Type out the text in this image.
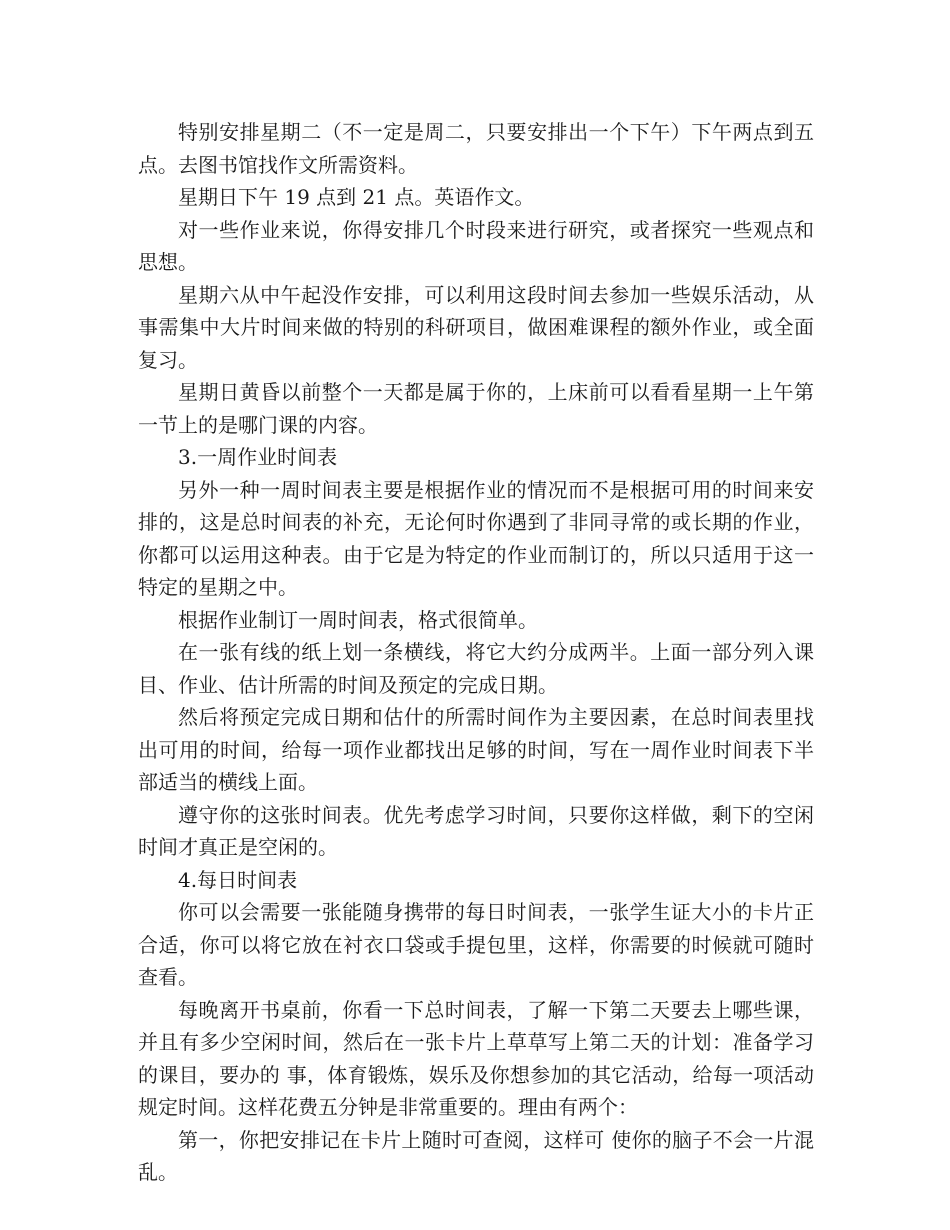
特别安排星期二（不一定是周二，只要安排出一个下午）下午两点到五点。去图书馆找作文所需资料。

星期日下午 19 点到 21 点。英语作文。

对一些作业来说，你得安排几个时段来进行研究，或者探究一些观点和 思想。

星期六从中午起没作安排，可以利用这段时间去参加一些娱乐活动，从事需集中大片时间来做的特别的科研项目，做困难课程的额外作业，或全面复习。

星期日黄昏以前整个一天都是属于你的，上床前可以看看星期一上午第一节上的是哪门课的内容。

3.一周作业时间表

另外一种一周时间表主要是根据作业的情况而不是根据可用的时间来安排的，这是总时间表的补充，无论何时你遇到了非同寻常的或长期的作业，你都可以运用这种表。由于它是为特定的作业而制订的，所以只适用于这一特定的星期之中。

根据作业制订一周时间表，格式很简单。

在一张有线的纸上划一条横线，将它大约分成两半。上面一部分列入课目、作业、估计所需的时间及预定的完成日期。

然后将预定完成日期和估什的所需时间作为主要因素，在总时间表里找出可用的时间，给每一项作业都找出足够的时间，写在一周作业时间表下半部适当的横线上面。

遵守你的这张时间表。优先考虑学习时间，只要你这样做，剩下的空闲时间才真正是空闲的。

4.每日时间表

你可以会需要一张能随身携带的每日时间表，一张学生证大小的卡片正合适，你可以将它放在衬衣口袋或手提包里，这样，你需要的时候就可随时查看。

每晚离开书桌前，你看一下总时间表，了解一下第二天要去上哪些课，并且有多少空闲时间，然后在一张卡片上草草写上第二天的计划：准备学习的课目，要办的 事，体育锻炼，娱乐及你想参加的其它活动，给每一项活动规定时间。这样花费五分钟是非常重要的。理由有两个：

第一，你把安排记在卡片上随时可查阅，这样可 使你的脑子不会一片混乱。
